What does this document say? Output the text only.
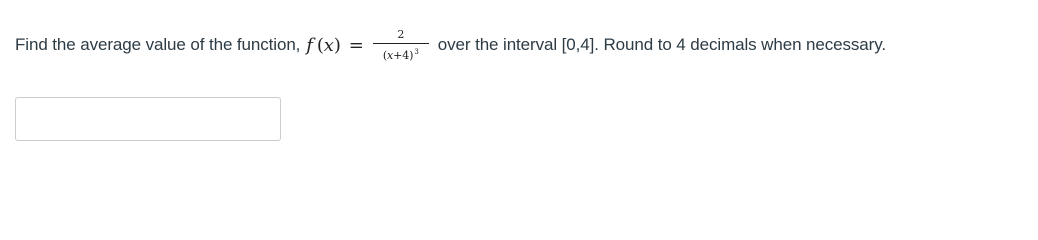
Find the average value of the function, f ( x ) = $\frac{2}{(x+4)^3}$ over the interval [0,4]. Round to 4 decimals when necessary.
